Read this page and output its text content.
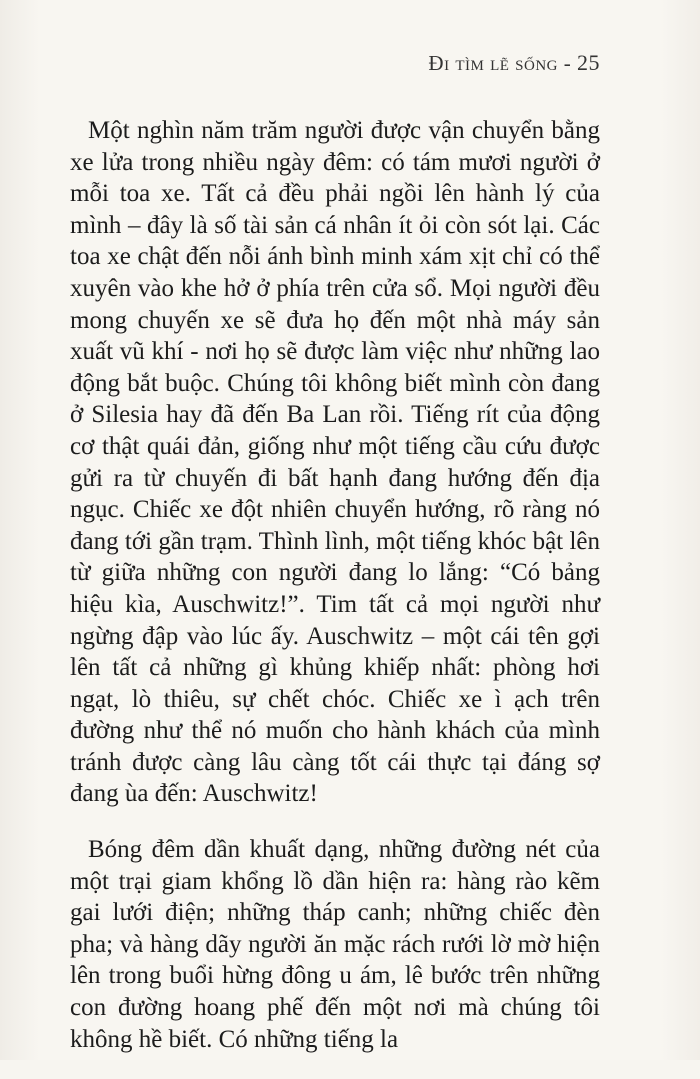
Đi tìm lẽ sống - 25

Một nghìn năm trăm người được vận chuyển bằng xe lửa trong nhiều ngày đêm: có tám mươi người ở mỗi toa xe. Tất cả đều phải ngồi lên hành lý của mình – đây là số tài sản cá nhân ít ỏi còn sót lại. Các toa xe chật đến nỗi ánh bình minh xám xịt chỉ có thể xuyên vào khe hở ở phía trên cửa sổ. Mọi người đều mong chuyến xe sẽ đưa họ đến một nhà máy sản xuất vũ khí - nơi họ sẽ được làm việc như những lao động bắt buộc. Chúng tôi không biết mình còn đang ở Silesia hay đã đến Ba Lan rồi. Tiếng rít của động cơ thật quái đản, giống như một tiếng cầu cứu được gửi ra từ chuyến đi bất hạnh đang hướng đến địa ngục. Chiếc xe đột nhiên chuyển hướng, rõ ràng nó đang tới gần trạm. Thình lình, một tiếng khóc bật lên từ giữa những con người đang lo lắng: “Có bảng hiệu kìa, Auschwitz!”. Tim tất cả mọi người như ngừng đập vào lúc ấy. Auschwitz – một cái tên gợi lên tất cả những gì khủng khiếp nhất: phòng hơi ngạt, lò thiêu, sự chết chóc. Chiếc xe ì ạch trên đường như thể nó muốn cho hành khách của mình tránh được càng lâu càng tốt cái thực tại đáng sợ đang ùa đến: Auschwitz!

Bóng đêm dần khuất dạng, những đường nét của một trại giam khổng lồ dần hiện ra: hàng rào kẽm gai lưới điện; những tháp canh; những chiếc đèn pha; và hàng dãy người ăn mặc rách rưới lờ mờ hiện lên trong buổi hừng đông u ám, lê bước trên những con đường hoang phế đến một nơi mà chúng tôi không hề biết. Có những tiếng la
